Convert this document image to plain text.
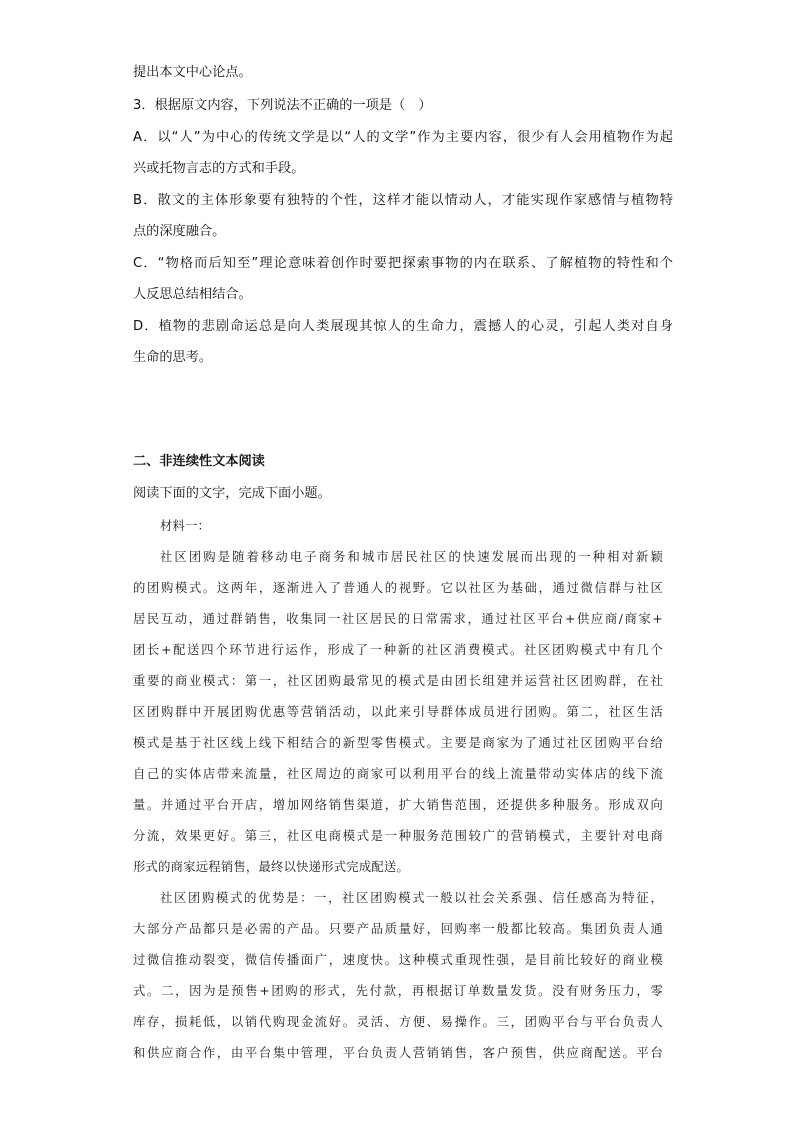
提出本文中心论点。
3．根据原文内容，下列说法不正确的一项是（　）
A．以“人”为中心的传统文学是以“人的文学”作为主要内容，很少有人会用植物作为起
兴或托物言志的方式和手段。
B．散文的主体形象要有独特的个性，这样才能以情动人，才能实现作家感情与植物特
点的深度融合。
C．“物格而后知至”理论意味着创作时要把探索事物的内在联系、了解植物的特性和个
人反思总结相结合。
D．植物的悲剧命运总是向人类展现其惊人的生命力，震撼人的心灵，引起人类对自身
生命的思考。
二、非连续性文本阅读
阅读下面的文字，完成下面小题。
材料一：
社区团购是随着移动电子商务和城市居民社区的快速发展而出现的一种相对新颖
的团购模式。这两年，逐渐进入了普通人的视野。它以社区为基础，通过微信群与社区
居民互动，通过群销售，收集同一社区居民的日常需求，通过社区平台+供应商/商家+
团长+配送四个环节进行运作，形成了一种新的社区消费模式。社区团购模式中有几个
重要的商业模式：第一，社区团购最常见的模式是由团长组建并运营社区团购群，在社
区团购群中开展团购优惠等营销活动，以此来引导群体成员进行团购。第二，社区生活
模式是基于社区线上线下相结合的新型零售模式。主要是商家为了通过社区团购平台给
自己的实体店带来流量，社区周边的商家可以利用平台的线上流量带动实体店的线下流
量。并通过平台开店，增加网络销售渠道，扩大销售范围，还提供多种服务。形成双向
分流，效果更好。第三，社区电商模式是一种服务范围较广的营销模式，主要针对电商
形式的商家远程销售，最终以快递形式完成配送。
社区团购模式的优势是：一，社区团购模式一般以社会关系强、信任感高为特征，
大部分产品都只是必需的产品。只要产品质量好，回购率一般都比较高。集团负责人通
过微信推动裂变，微信传播面广，速度快。这种模式重现性强，是目前比较好的商业模
式。二，因为是预售+团购的形式，先付款，再根据订单数量发货。没有财务压力，零
库存，损耗低，以销代购现金流好。灵活、方便、易操作。三，团购平台与平台负责人
和供应商合作，由平台集中管理，平台负责人营销销售，客户预售，供应商配送。平台
